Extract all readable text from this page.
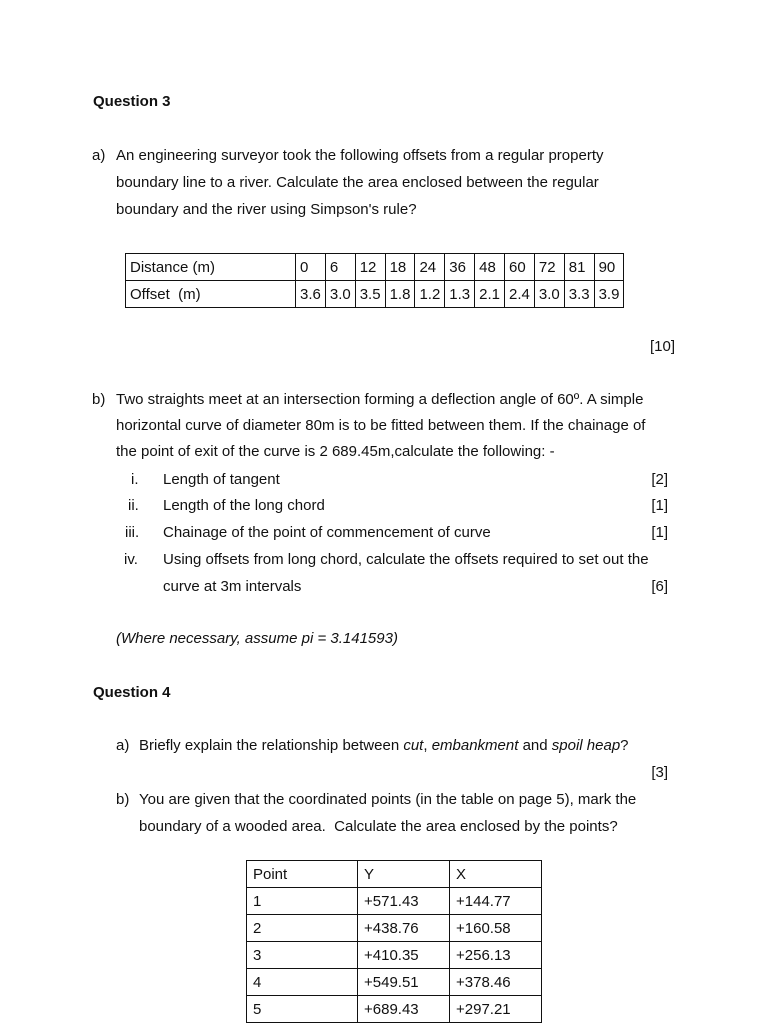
Question 3
a) An engineering surveyor took the following offsets from a regular property
boundary line to a river. Calculate the area enclosed between the regular
boundary and the river using Simpson's rule?
Distance (m)	0	6	12	18	24	36	48	60	72	81	90
Offset  (m)	3.6	3.0	3.5	1.8	1.2	1.3	2.1	2.4	3.0	3.3	3.9
[10]
b) Two straights meet at an intersection forming a deflection angle of 60º. A simple
horizontal curve of diameter 80m is to be fitted between them. If the chainage of
the point of exit of the curve is 2 689.45m,calculate the following: -
i. Length of tangent	[2]
ii. Length of the long chord	[1]
iii. Chainage of the point of commencement of curve	[1]
iv. Using offsets from long chord, calculate the offsets required to set out the
curve at 3m intervals	[6]
(Where necessary, assume pi = 3.141593)
Question 4
a) Briefly explain the relationship between cut, embankment and spoil heap?
[3]
b) You are given that the coordinated points (in the table on page 5), mark the
boundary of a wooded area.  Calculate the area enclosed by the points?
Point	Y	X
1	+571.43	+144.77
2	+438.76	+160.58
3	+410.35	+256.13
4	+549.51	+378.46
5	+689.43	+297.21
